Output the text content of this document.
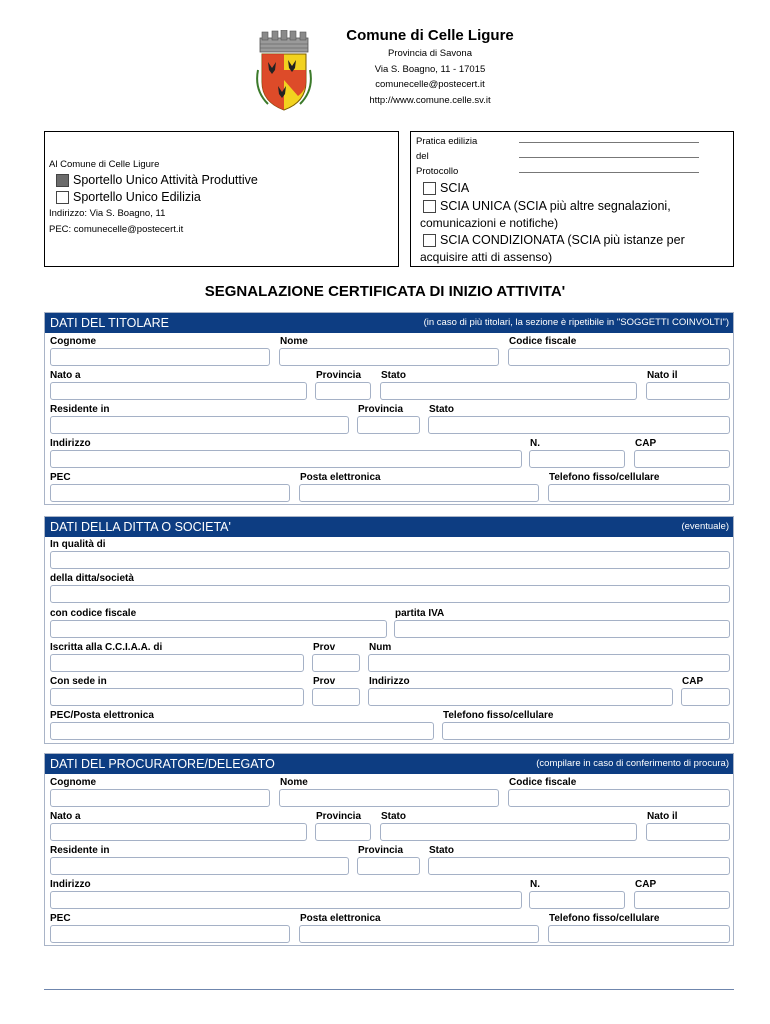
Comune di Celle Ligure
Provincia di Savona
Via S. Boagno, 11 - 17015
comunecelle@postecert.it
http://www.comune.celle.sv.it
Al Comune di Celle Ligure
Sportello Unico Attività Produttive
Sportello Unico Edilizia
Indirizzo: Via S. Boagno, 11
PEC: comunecelle@postecert.it
Pratica edilizia
del
Protocollo
SCIA
SCIA UNICA (SCIA più altre segnalazioni,
comunicazioni e notifiche)
SCIA CONDIZIONATA (SCIA più istanze per
acquisire atti di assenso)
SEGNALAZIONE CERTIFICATA DI INIZIO ATTIVITA'
DATI DEL TITOLARE	(in caso di più titolari, la sezione è ripetibile in "SOGGETTI COINVOLTI")
Cognome	Nome	Codice fiscale
Nato a	Provincia Stato	Nato il
Residente in	Provincia	Stato
Indirizzo	N.	CAP
PEC	Posta elettronica	Telefono fisso/cellulare
DATI DELLA DITTA O SOCIETA'	(eventuale)
In qualità di
della ditta/società
con codice fiscale	partita IVA
Iscritta alla C.C.I.A.A. di	Prov	Num
Con sede in	Prov	Indirizzo	CAP
PEC/Posta elettronica	Telefono fisso/cellulare
DATI DEL PROCURATORE/DELEGATO	(compilare in caso di conferimento di procura)
Cognome	Nome	Codice fiscale
Nato a	Provincia Stato	Nato il
Residente in	Provincia	Stato
Indirizzo	N.	CAP
PEC	Posta elettronica	Telefono fisso/cellulare
